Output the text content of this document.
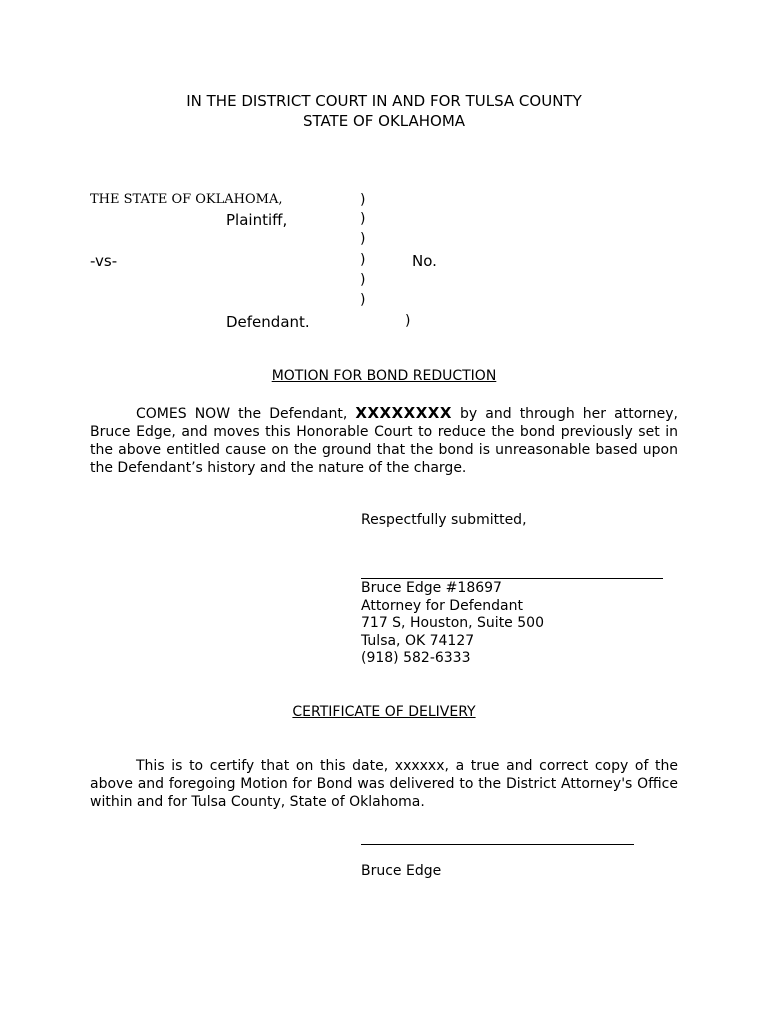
IN THE DISTRICT COURT IN AND FOR TULSA COUNTY
STATE OF OKLAHOMA
THE STATE OF OKLAHOMA,
Plaintiff,
-vs-	No.
Defendant.
)
)
)
)
)
)
)
MOTION FOR BOND REDUCTION
COMES NOW the Defendant, XXXXXXXX by and through her attorney, Bruce Edge, and moves this Honorable Court to reduce the bond previously set in the above entitled cause on the ground that the bond is unreasonable based upon the Defendant’s history and the nature of the charge.
Respectfully submitted,
Bruce Edge #18697
Attorney for Defendant
717 S, Houston, Suite 500
Tulsa, OK 74127
(918) 582-6333
CERTIFICATE OF DELIVERY
This is to certify that on this date, xxxxxx, a true and correct copy of the above and foregoing Motion for Bond was delivered to the District Attorney's Office within and for Tulsa County, State of Oklahoma.
Bruce Edge
